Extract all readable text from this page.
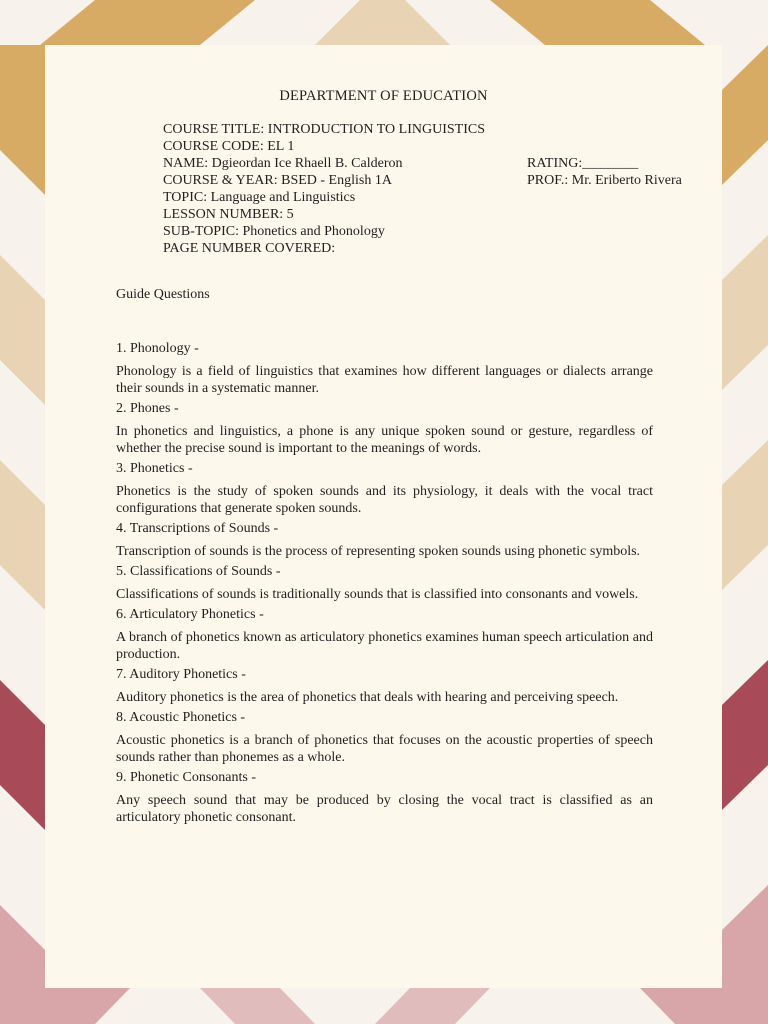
DEPARTMENT OF EDUCATION
COURSE TITLE: INTRODUCTION TO LINGUISTICS
COURSE CODE: EL 1
NAME: Dgieordan Ice Rhaell B. Calderon	RATING:________
COURSE & YEAR: BSED - English 1A	PROF.: Mr. Eriberto Rivera
TOPIC: Language and Linguistics
LESSON NUMBER: 5
SUB-TOPIC: Phonetics and Phonology
PAGE NUMBER COVERED:
Guide Questions
1. Phonology -
Phonology is a field of linguistics that examines how different languages or dialects arrange their sounds in a systematic manner.
2. Phones -
In phonetics and linguistics, a phone is any unique spoken sound or gesture, regardless of whether the precise sound is important to the meanings of words.
3. Phonetics -
Phonetics is the study of spoken sounds and its physiology, it deals with the vocal tract configurations that generate spoken sounds.
4. Transcriptions of Sounds -
Transcription of sounds is the process of representing spoken sounds using phonetic symbols.
5. Classifications of Sounds -
Classifications of sounds is traditionally sounds that is classified into consonants and vowels.
6. Articulatory Phonetics -
A branch of phonetics known as articulatory phonetics examines human speech articulation and production.
7. Auditory Phonetics -
Auditory phonetics is the area of phonetics that deals with hearing and perceiving speech.
8. Acoustic Phonetics -
Acoustic phonetics is a branch of phonetics that focuses on the acoustic properties of speech sounds rather than phonemes as a whole.
9. Phonetic Consonants -
Any speech sound that may be produced by closing the vocal tract is classified as an articulatory phonetic consonant.
